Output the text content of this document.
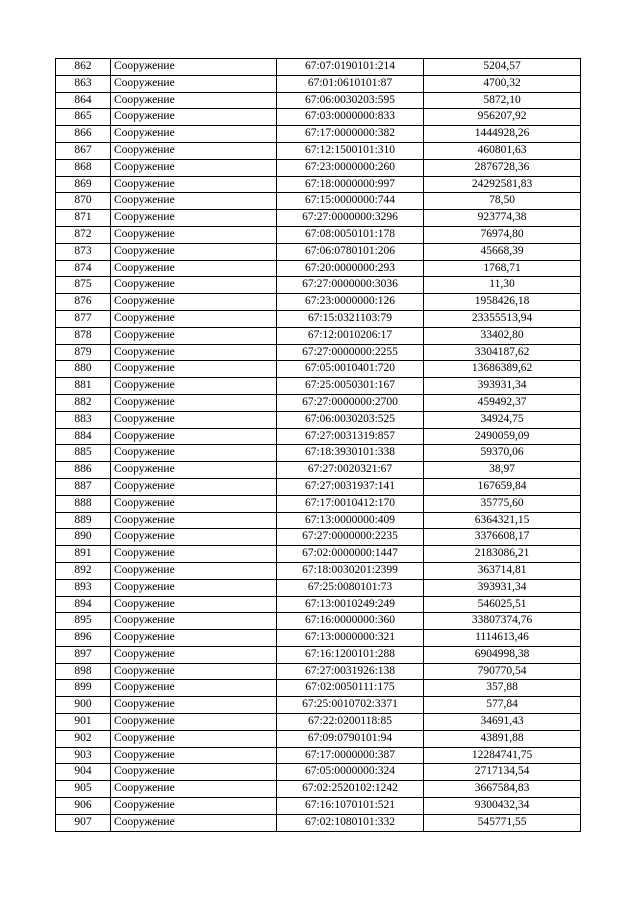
862	Сооружение	67:07:0190101:214	5204,57
863	Сооружение	67:01:0610101:87	4700,32
864	Сооружение	67:06:0030203:595	5872,10
865	Сооружение	67:03:0000000:833	956207,92
866	Сооружение	67:17:0000000:382	1444928,26
867	Сооружение	67:12:1500101:310	460801,63
868	Сооружение	67:23:0000000:260	2876728,36
869	Сооружение	67:18:0000000:997	24292581,83
870	Сооружение	67:15:0000000:744	78,50
871	Сооружение	67:27:0000000:3296	923774,38
872	Сооружение	67:08:0050101:178	76974,80
873	Сооружение	67:06:0780101:206	45668,39
874	Сооружение	67:20:0000000:293	1768,71
875	Сооружение	67:27:0000000:3036	11,30
876	Сооружение	67:23:0000000:126	1958426,18
877	Сооружение	67:15:0321103:79	23355513,94
878	Сооружение	67:12:0010206:17	33402,80
879	Сооружение	67:27:0000000:2255	3304187,62
880	Сооружение	67:05:0010401:720	13686389,62
881	Сооружение	67:25:0050301:167	393931,34
882	Сооружение	67:27:0000000:2700	459492,37
883	Сооружение	67:06:0030203:525	34924,75
884	Сооружение	67:27:0031319:857	2490059,09
885	Сооружение	67:18:3930101:338	59370,06
886	Сооружение	67:27:0020321:67	38,97
887	Сооружение	67:27:0031937:141	167659,84
888	Сооружение	67:17:0010412:170	35775,60
889	Сооружение	67:13:0000000:409	6364321,15
890	Сооружение	67:27:0000000:2235	3376608,17
891	Сооружение	67:02:0000000:1447	2183086,21
892	Сооружение	67:18:0030201:2399	363714,81
893	Сооружение	67:25:0080101:73	393931,34
894	Сооружение	67:13:0010249:249	546025,51
895	Сооружение	67:16:0000000:360	33807374,76
896	Сооружение	67:13:0000000:321	1114613,46
897	Сооружение	67:16:1200101:288	6904998,38
898	Сооружение	67:27:0031926:138	790770,54
899	Сооружение	67:02:0050111:175	357,88
900	Сооружение	67:25:0010702:3371	577,84
901	Сооружение	67:22:0200118:85	34691,43
902	Сооружение	67:09:0790101:94	43891,88
903	Сооружение	67:17:0000000:387	12284741,75
904	Сооружение	67:05:0000000:324	2717134,54
905	Сооружение	67:02:2520102:1242	3667584,83
906	Сооружение	67:16:1070101:521	9300432,34
907	Сооружение	67:02:1080101:332	545771,55
